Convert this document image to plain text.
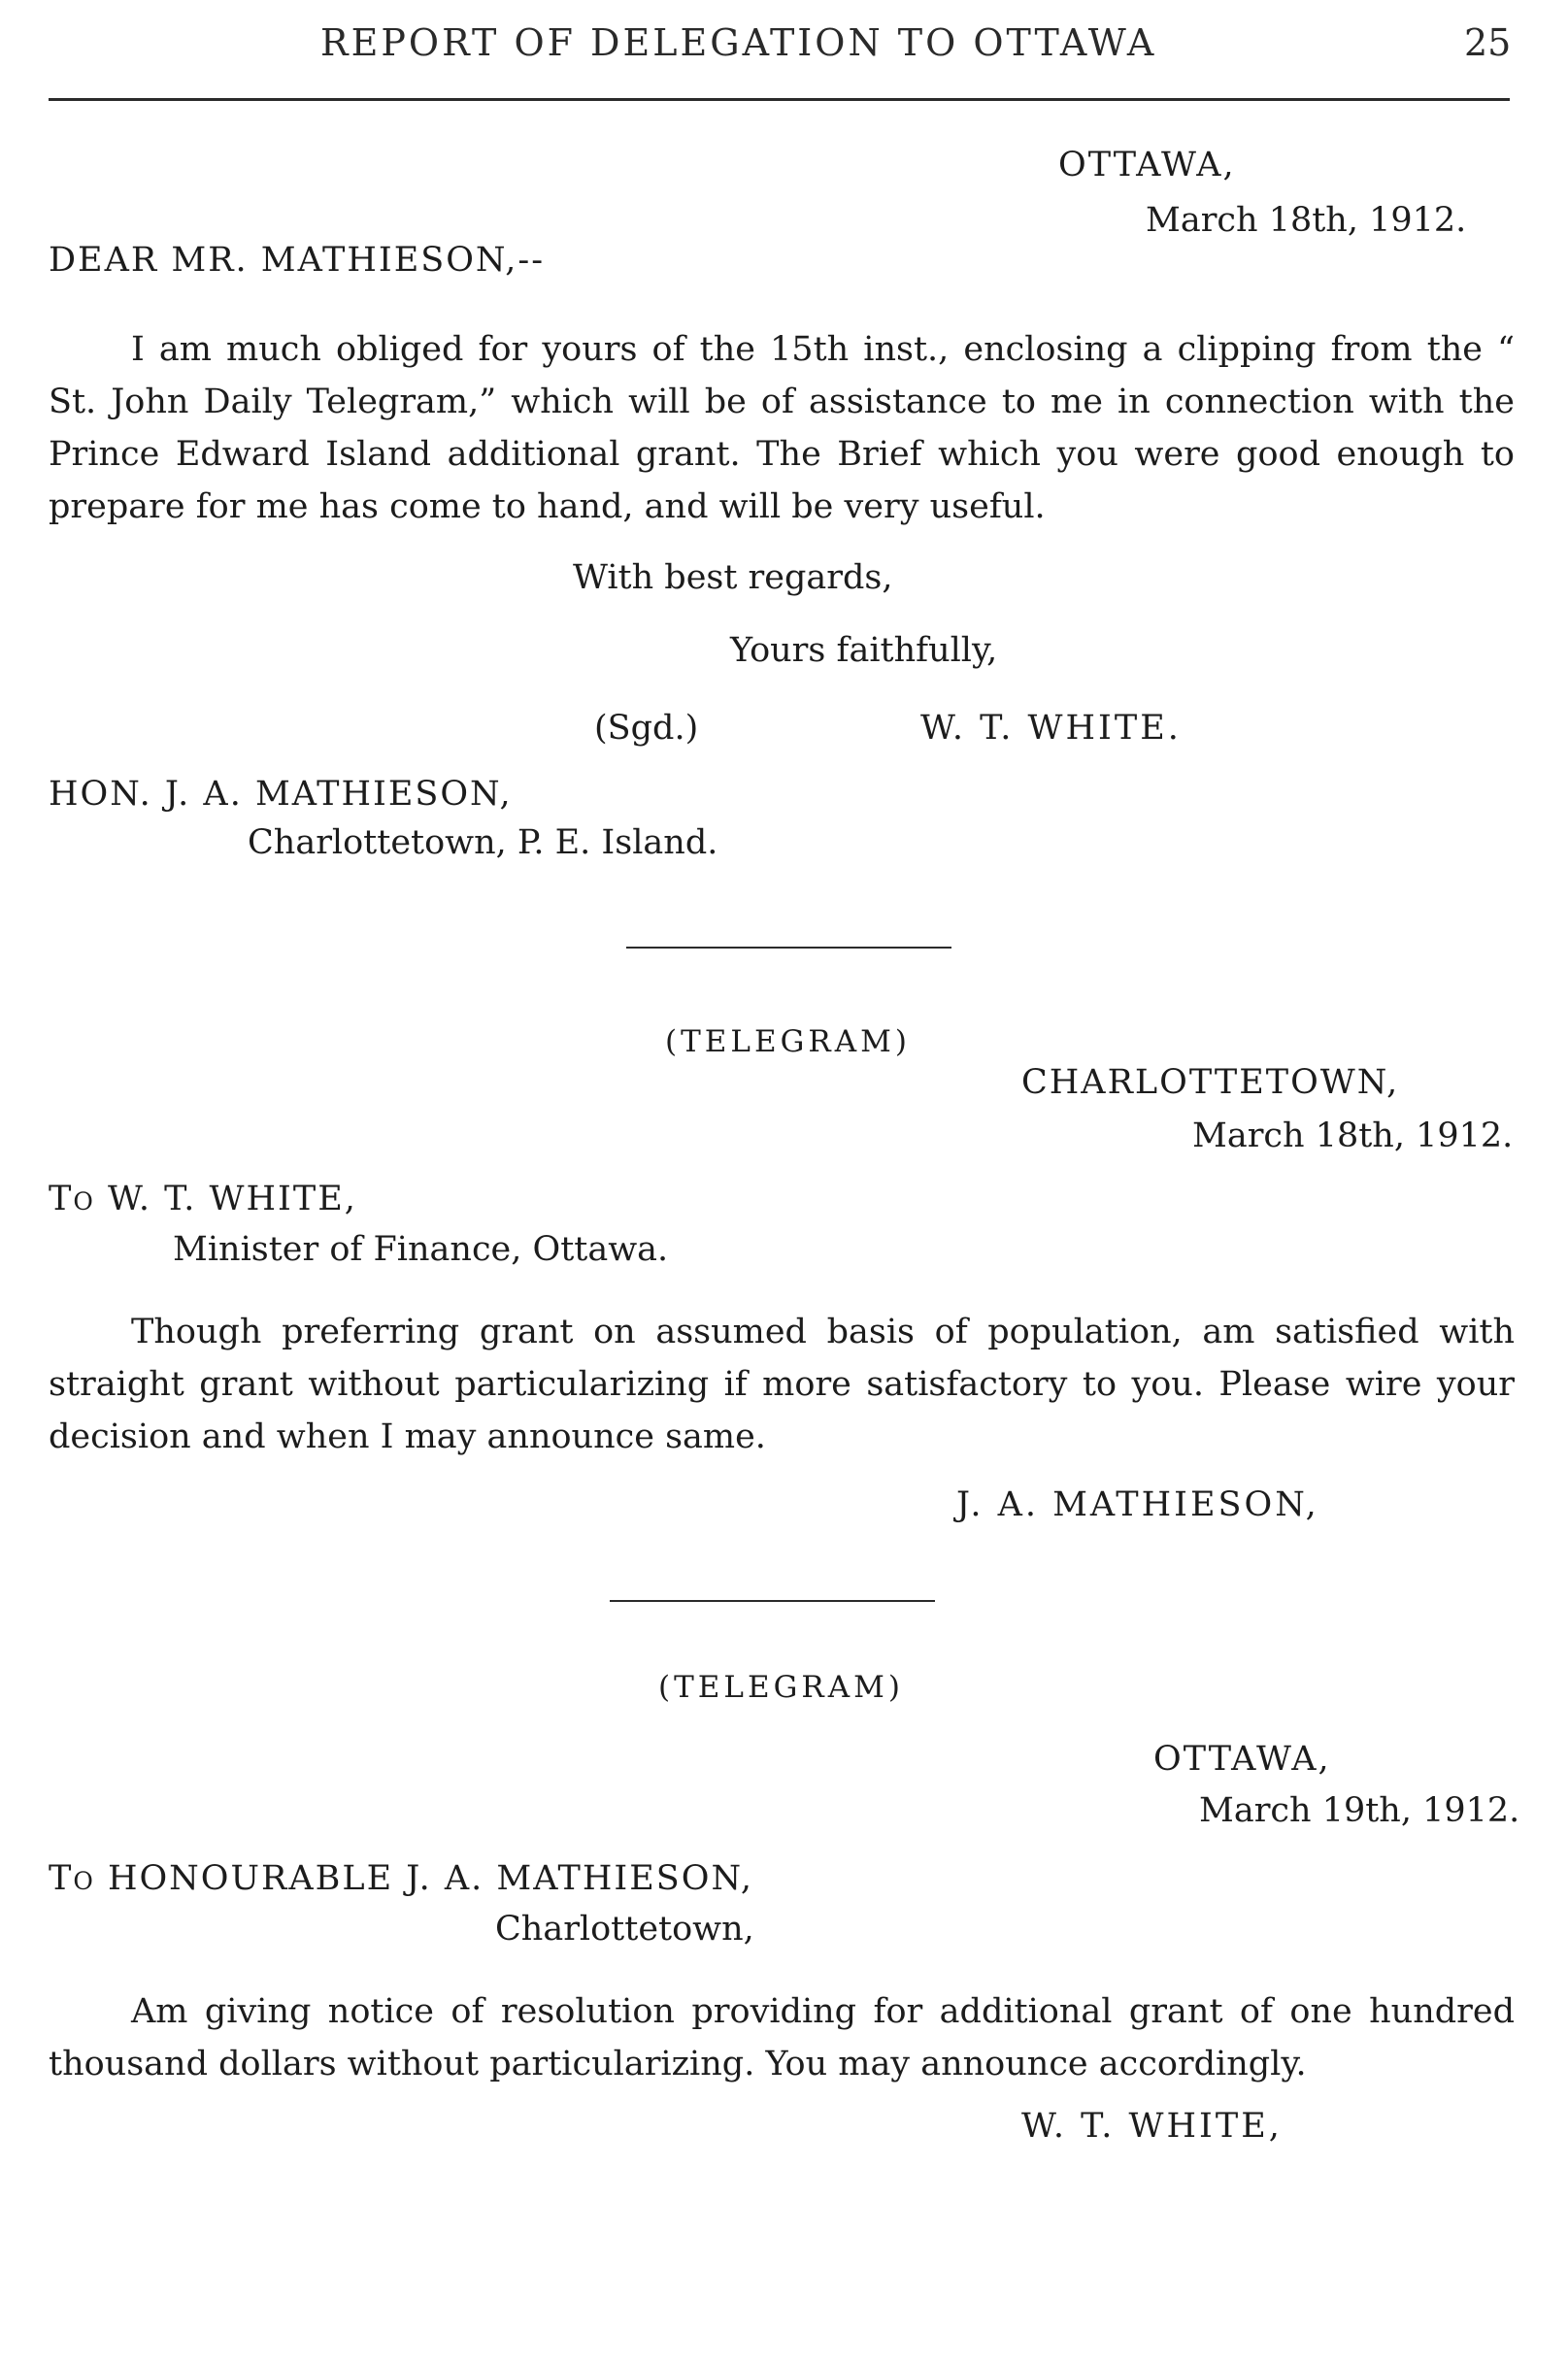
REPORT OF DELEGATION TO OTTAWA	25
OTTAWA,
March 18th, 1912.
DEAR MR. MATHIESON,--
I am much obliged for yours of the 15th inst., enclosing a clipping from the “ St. John Daily Telegram,” which will be of assistance to me in connection with the Prince Edward Island additional grant. The Brief which you were good enough to prepare for me has come to hand, and will be very useful.
With best regards,
Yours faithfully,
(Sgd.)	W. T. WHITE.
HON. J. A. MATHIESON,
Charlottetown, P. E. Island.
(TELEGRAM)
CHARLOTTETOWN,
March 18th, 1912.
To W. T. WHITE,
Minister of Finance, Ottawa.
Though preferring grant on assumed basis of population, am satisfied with straight grant without particularizing if more satisfactory to you. Please wire your decision and when I may announce same.
J. A. MATHIESON,
(TELEGRAM)
OTTAWA,
March 19th, 1912.
To HONOURABLE J. A. MATHIESON,
Charlottetown,
Am giving notice of resolution providing for additional grant of one hundred thousand dollars without particularizing. You may announce accordingly.
W. T. WHITE,
